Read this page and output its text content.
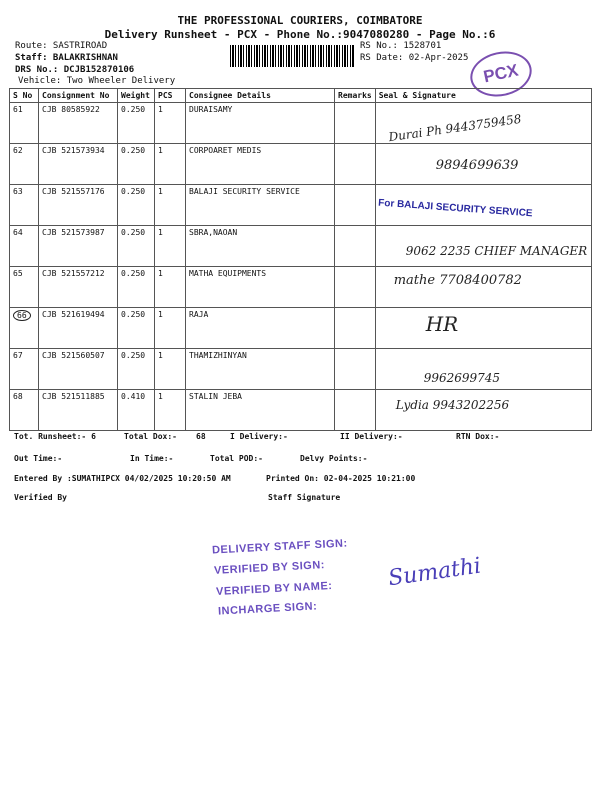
THE PROFESSIONAL COURIERS, COIMBATORE
Delivery Runsheet - PCX - Phone No.:9047080280 - Page No.:6
Route: SASTRIROAD
Staff: BALAKRISHNAN
DRS No.: DCJB152870106
Vehicle: Two Wheeler Delivery
RS No.: 1528701
RS Date: 02-Apr-2025
PCX
S No	Consignment No	Weight	PCS	Consignee Details	Remarks	Seal & Signature
61	CJB 80585922	0.250	1	DURAISAMY		Durai Ph 9443759458

62	CJB 521573934	0.250	1	CORPOARET MEDIS		9894699639

63	CJB 521557176	0.250	1	BALAJI SECURITY SERVICE		For BALAJI SECURITY SERVICE

64	CJB 521573987	0.250	1	SBRA,NAOAN		9062 2235 CHIEF MANAGER

65	CJB 521557212	0.250	1	MATHA EQUIPMENTS		mathe 7708400782

66	CJB 521619494	0.250	1	RAJA		HR

67	CJB 521560507	0.250	1	THAMIZHINYAN		9962699745

68	CJB 521511885	0.410	1	STALIN JEBA		Lydia 9943202256
Tot. Runsheet:- 6	Total Dox:- 68	I Delivery:-	II Delivery:-	RTN Dox:-
Out Time:-	In Time:-	Total POD:-	Delvy Points:-
Entered By :SUMATHIPCX 04/02/2025 10:20:50 AM	Printed On: 02-04-2025 10:21:00
Verified By	Staff Signature
DELIVERY STAFF SIGN:
VERIFIED BY SIGN:
VERIFIED BY NAME:
INCHARGE SIGN:
Sumathi
